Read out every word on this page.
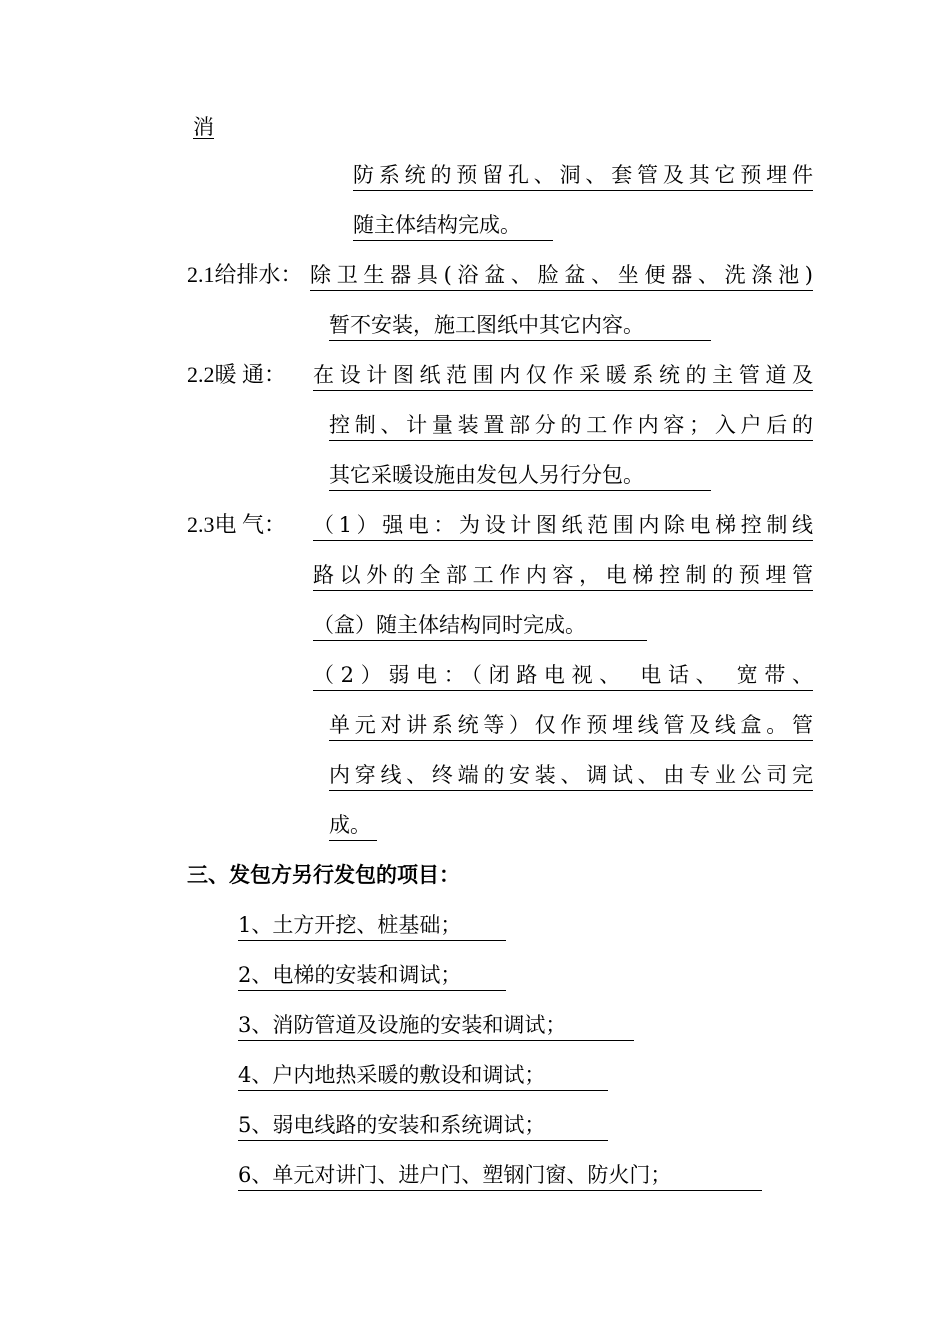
消
防系统的预留孔、洞、套管及其它预埋件
随主体结构完成。
2.1给排水： 除卫生器具(浴盆、脸盆、坐便器、洗涤池)
暂不安装，施工图纸中其它内容。
2.2暖 通： 在设计图纸范围内仅作采暖系统的主管道及
控制、计量装置部分的工作内容；入户后的
其它采暖设施由发包人另行分包。
2.3电 气： （1）强电：为设计图纸范围内除电梯控制线
路以外的全部工作内容，电梯控制的预埋管
（盒）随主体结构同时完成。
（2）弱电：（闭路电视、 电话、 宽带、
单元对讲系统等）仅作预埋线管及线盒。管
内穿线、终端的安装、调试、由专业公司完
成。
三、发包方另行发包的项目：
1、土方开挖、桩基础；
2、电梯的安装和调试；
3、消防管道及设施的安装和调试；
4、户内地热采暖的敷设和调试；
5、弱电线路的安装和系统调试；
6、单元对讲门、进户门、塑钢门窗、防火门；
